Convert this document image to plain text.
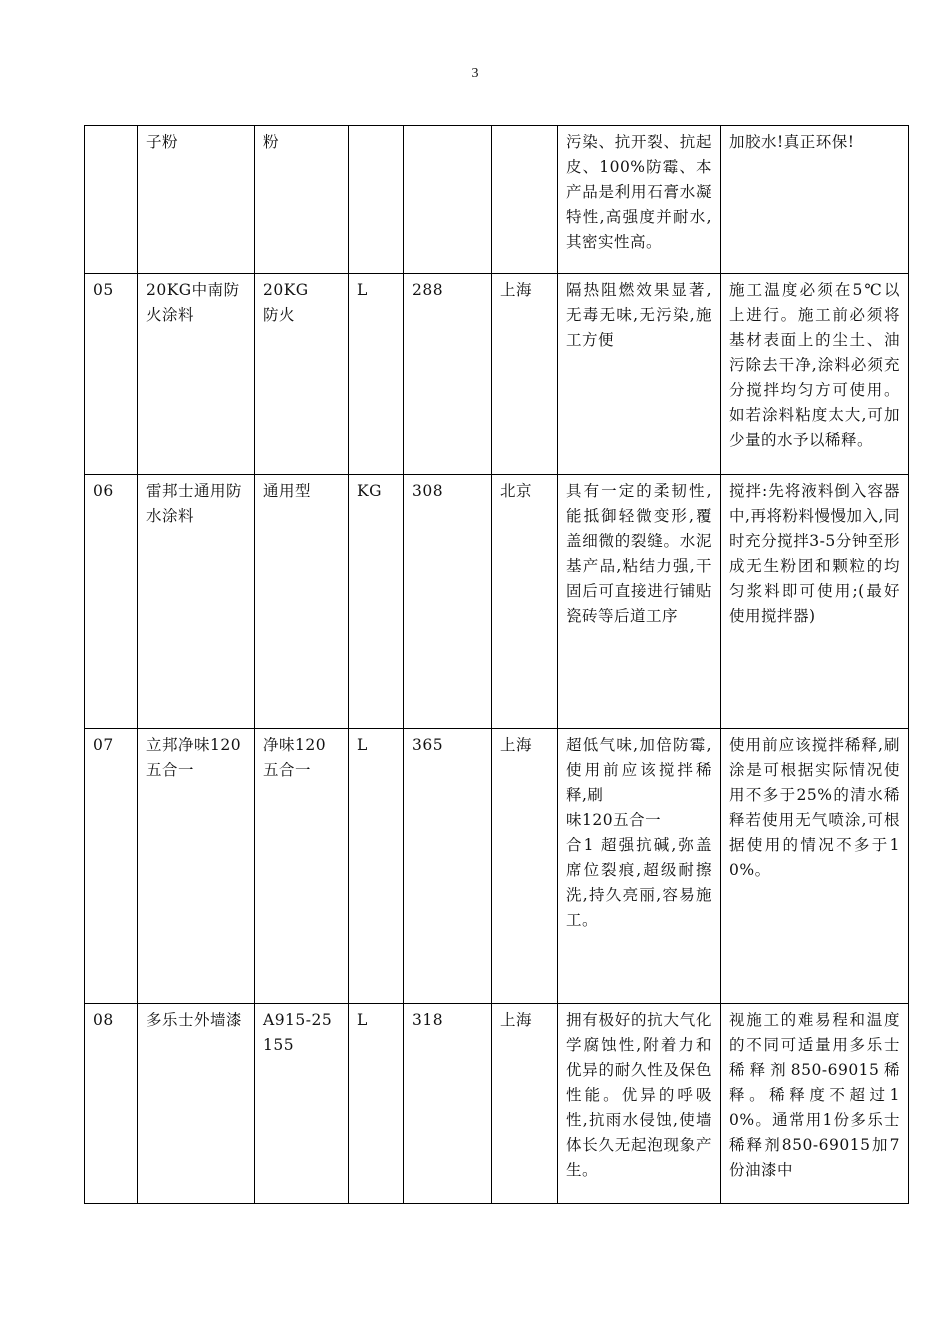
3
	子粉	粉				污染、抗开裂、抗起皮、100%防霉、本产品是利用石膏水凝特性,高强度并耐水,其密实性高。	加胶水!真正环保!
05	20KG中南防火涂料	20KG　防火	L	288	上海	隔热阻燃效果显著,无毒无味,无污染,施工方便	施工温度必须在5℃以上进行。施工前必须将基材表面上的尘土、油污除去干净,涂料必须充分搅拌均匀方可使用。如若涂料粘度太大,可加少量的水予以稀释。
06	雷邦士通用防水涂料	通用型	KG	308	北京	具有一定的柔韧性,能抵御轻微变形,覆盖细微的裂缝。水泥基产品,粘结力强,干固后可直接进行铺贴瓷砖等后道工序	搅拌:先将液料倒入容器中,再将粉料慢慢加入,同时充分搅拌3-5分钟至形成无生粉团和颗粒的均匀浆料即可使用;(最好使用搅拌器)
07	立邦净味120五合一	净味120五合一	L	365	上海	超低气味,加倍防霉,使用前应该搅拌稀释,刷
味120五合一
合1 超强抗碱,弥盖席位裂痕,超级耐擦洗,持久亮丽,容易施工。	使用前应该搅拌稀释,刷涂是可根据实际情况使用不多于25%的清水稀释若使用无气喷涂,可根据使用的情况不多于10%。
08	多乐士外墙漆	A915-25155	L	318	上海	拥有极好的抗大气化学腐蚀性,附着力和优异的耐久性及保色性能。优异的呼吸性,抗雨水侵蚀,使墙体长久无起泡现象产生。	视施工的难易程和温度的不同可适量用多乐士稀释剂850-69015稀释。稀释度不超过10%。通常用1份多乐士稀释剂850-69015加7份油漆中
